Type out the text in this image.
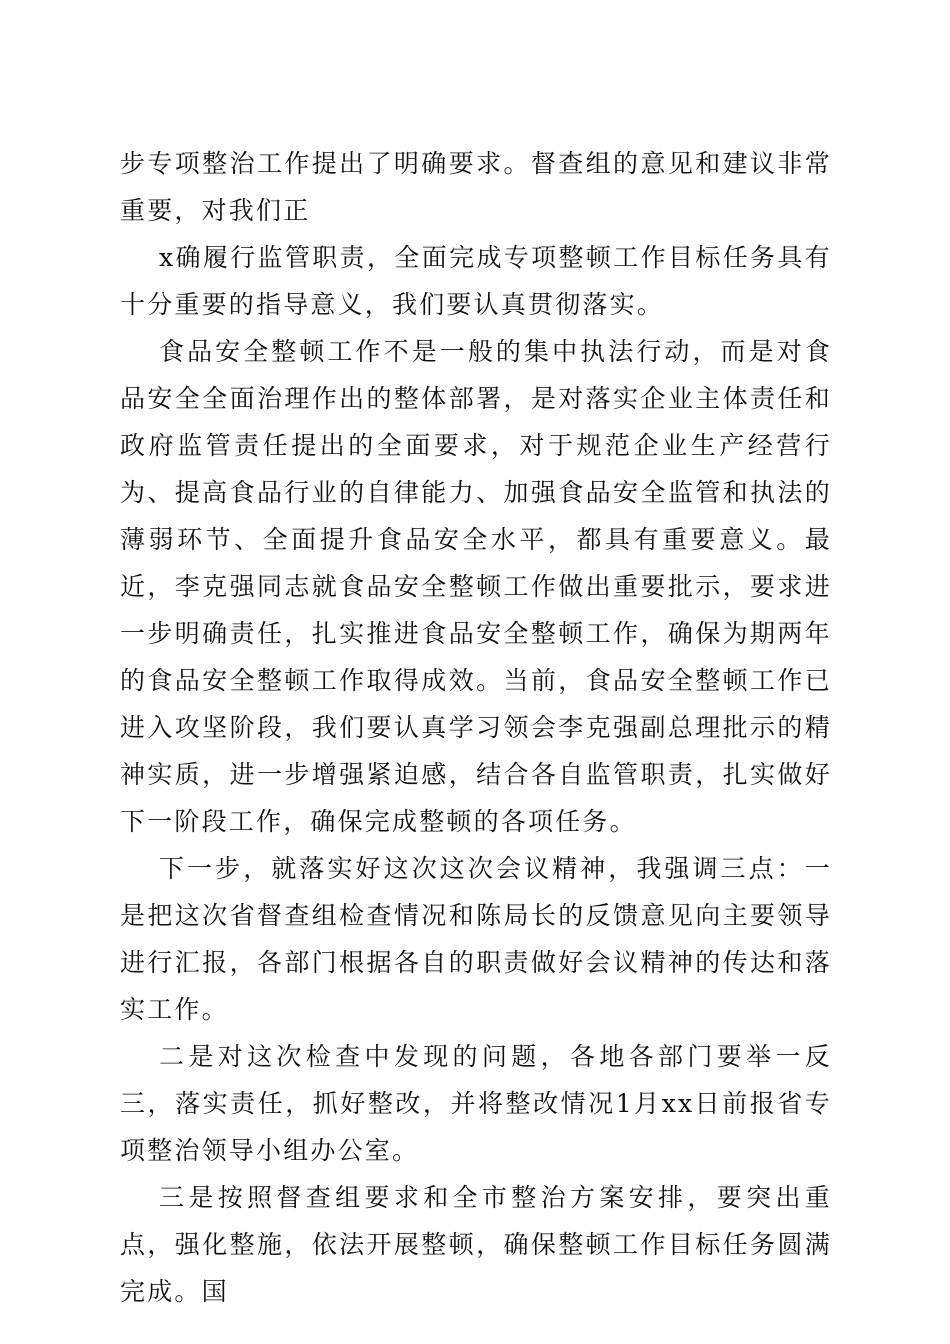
步专项整治工作提出了明确要求。督查组的意见和建议非常重要，对我们正

x确履行监管职责，全面完成专项整顿工作目标任务具有十分重要的指导意义，我们要认真贯彻落实。

食品安全整顿工作不是一般的集中执法行动，而是对食品安全全面治理作出的整体部署，是对落实企业主体责任和政府监管责任提出的全面要求，对于规范企业生产经营行为、提高食品行业的自律能力、加强食品安全监管和执法的薄弱环节、全面提升食品安全水平，都具有重要意义。最近，李克强同志就食品安全整顿工作做出重要批示，要求进一步明确责任，扎实推进食品安全整顿工作，确保为期两年的食品安全整顿工作取得成效。当前，食品安全整顿工作已进入攻坚阶段，我们要认真学习领会李克强副总理批示的精神实质，进一步增强紧迫感，结合各自监管职责，扎实做好下一阶段工作，确保完成整顿的各项任务。

下一步，就落实好这次这次会议精神，我强调三点：一是把这次省督查组检查情况和陈局长的反馈意见向主要领导进行汇报，各部门根据各自的职责做好会议精神的传达和落实工作。

二是对这次检查中发现的问题，各地各部门要举一反三，落实责任，抓好整改，并将整改情况1月xx日前报省专项整治领导小组办公室。

三是按照督查组要求和全市整治方案安排，要突出重点，强化整施，依法开展整顿，确保整顿工作目标任务圆满完成。国
